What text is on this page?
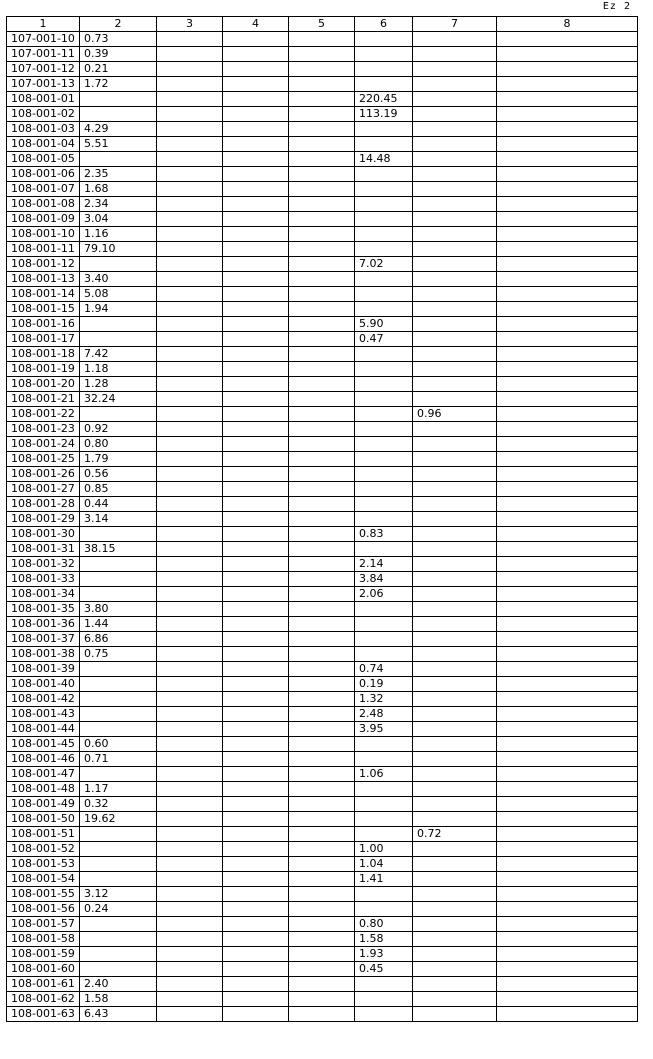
Ez 2
1	2	3	4	5	6	7	8
107-001-10	0.73						
107-001-11	0.39						
107-001-12	0.21						
107-001-13	1.72						
108-001-01					220.45		
108-001-02					113.19		
108-001-03	4.29						
108-001-04	5.51						
108-001-05					14.48		
108-001-06	2.35						
108-001-07	1.68						
108-001-08	2.34						
108-001-09	3.04						
108-001-10	1.16						
108-001-11	79.10						
108-001-12					7.02		
108-001-13	3.40						
108-001-14	5.08						
108-001-15	1.94						
108-001-16					5.90		
108-001-17					0.47		
108-001-18	7.42						
108-001-19	1.18						
108-001-20	1.28						
108-001-21	32.24						
108-001-22						0.96	
108-001-23	0.92						
108-001-24	0.80						
108-001-25	1.79						
108-001-26	0.56						
108-001-27	0.85						
108-001-28	0.44						
108-001-29	3.14						
108-001-30					0.83		
108-001-31	38.15						
108-001-32					2.14		
108-001-33					3.84		
108-001-34					2.06		
108-001-35	3.80						
108-001-36	1.44						
108-001-37	6.86						
108-001-38	0.75						
108-001-39					0.74		
108-001-40					0.19		
108-001-42					1.32		
108-001-43					2.48		
108-001-44					3.95		
108-001-45	0.60						
108-001-46	0.71						
108-001-47					1.06		
108-001-48	1.17						
108-001-49	0.32						
108-001-50	19.62						
108-001-51						0.72	
108-001-52					1.00		
108-001-53					1.04		
108-001-54					1.41		
108-001-55	3.12						
108-001-56	0.24						
108-001-57					0.80		
108-001-58					1.58		
108-001-59					1.93		
108-001-60					0.45		
108-001-61	2.40						
108-001-62	1.58						
108-001-63	6.43						
